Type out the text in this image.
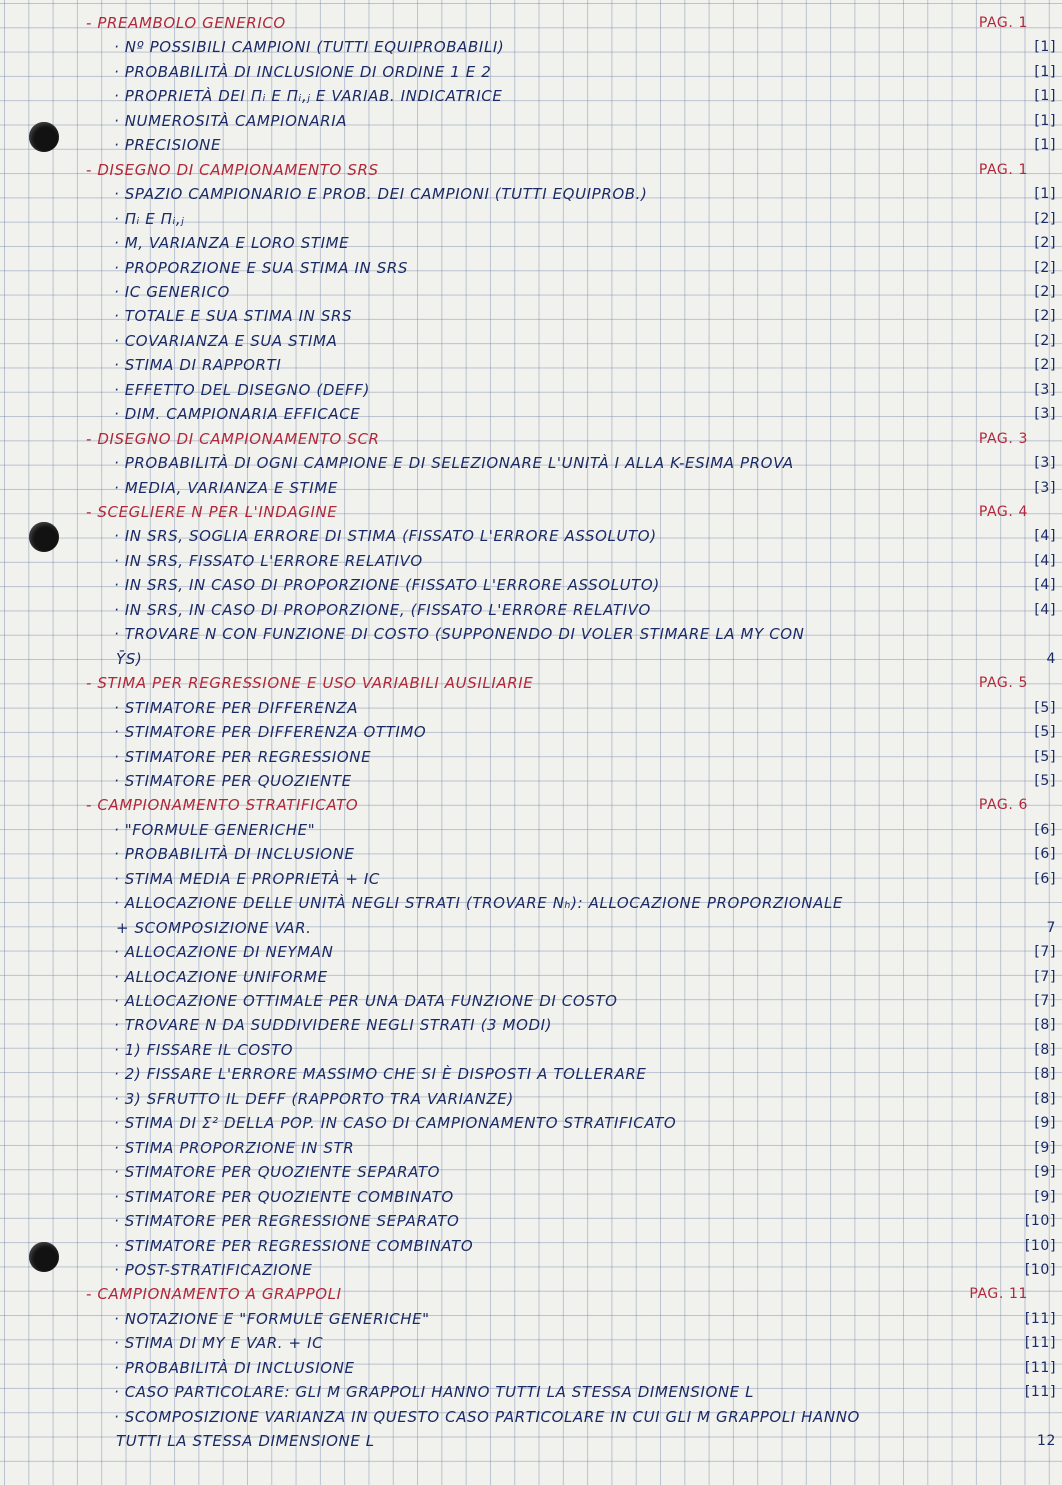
- PREAMBOLO GENERICO	PAG. 1
· Nº POSSIBILI CAMPIONI (TUTTI EQUIPROBABILI)	[ 1 ]
· PROBABILITÀ DI INCLUSIONE DI ORDINE 1 E 2	[ 1 ]
· PROPRIETÀ DEI Πᵢ E Πᵢ,ⱼ E VARIAB. INDICATRICE	[ 1 ]
· NUMEROSITÀ CAMPIONARIA	[ 1 ]
· PRECISIONE	[ 1 ]
- DISEGNO DI CAMPIONAMENTO SRS	PAG. 1
· SPAZIO CAMPIONARIO E PROB. DEI CAMPIONI (TUTTI EQUIPROB.)	[ 1 ]
· Πᵢ E Πᵢ,ⱼ	[ 2 ]
· Μ, VARIANZA E LORO STIME	[ 2 ]
· PROPORZIONE E SUA STIMA IN SRS	[ 2 ]
· IC GENERICO	[ 2 ]
· TOTALE E SUA STIMA IN SRS	[ 2 ]
· COVARIANZA E SUA STIMA	[ 2 ]
· STIMA DI RAPPORTI	[ 2 ]
· EFFETTO DEL DISEGNO (DEFF)	[ 3 ]
· DIM. CAMPIONARIA EFFICACE	[ 3 ]
- DISEGNO DI CAMPIONAMENTO SCR	PAG. 3
· PROBABILITÀ DI OGNI CAMPIONE E DI SELEZIONARE L'UNITÀ I ALLA K-ESIMA PROVA	[ 3 ]
· MEDIA, VARIANZA E STIME	[ 3 ]
- SCEGLIERE N PER L'INDAGINE	PAG. 4
· IN SRS, SOGLIA ERRORE DI STIMA (FISSATO L'ERRORE ASSOLUTO)	[ 4 ]
· IN SRS, FISSATO L'ERRORE RELATIVO	[ 4 ]
· IN SRS, IN CASO DI PROPORZIONE (FISSATO L'ERRORE ASSOLUTO)	[ 4 ]
· IN SRS, IN CASO DI PROPORZIONE, (FISSATO L'ERRORE RELATIVO	[ 4 ]
· TROVARE N CON FUNZIONE DI COSTO (SUPPONENDO DI VOLER STIMARE LA ΜY CON
ȲS)	4
- STIMA PER REGRESSIONE E USO VARIABILI AUSILIARIE	PAG. 5
· STIMATORE PER DIFFERENZA	[ 5 ]
· STIMATORE PER DIFFERENZA OTTIMO	[ 5 ]
· STIMATORE PER REGRESSIONE	[ 5 ]
· STIMATORE PER QUOZIENTE	[ 5 ]
- CAMPIONAMENTO STRATIFICATO	PAG. 6
· "FORMULE GENERICHE"	[ 6 ]
· PROBABILITÀ DI INCLUSIONE	[ 6 ]
· STIMA MEDIA E PROPRIETÀ + IC	[ 6 ]
· ALLOCAZIONE DELLE UNITÀ NEGLI STRATI (TROVARE Nₕ): ALLOCAZIONE PROPORZIONALE
+ SCOMPOSIZIONE VAR.	7
· ALLOCAZIONE DI NEYMAN	[ 7 ]
· ALLOCAZIONE UNIFORME	[ 7 ]
· ALLOCAZIONE OTTIMALE PER UNA DATA FUNZIONE DI COSTO	[ 7 ]
· TROVARE N DA SUDDIVIDERE NEGLI STRATI (3 MODI)	[ 8 ]
· 1) FISSARE IL COSTO	[ 8 ]
· 2) FISSARE L'ERRORE MASSIMO CHE SI È DISPOSTI A TOLLERARE	[ 8 ]
· 3) SFRUTTO IL DEFF (RAPPORTO TRA VARIANZE)	[ 8 ]
· STIMA DI Σ² DELLA POP. IN CASO DI CAMPIONAMENTO STRATIFICATO	[ 9 ]
· STIMA PROPORZIONE IN STR	[ 9 ]
· STIMATORE PER QUOZIENTE SEPARATO	[ 9 ]
· STIMATORE PER QUOZIENTE COMBINATO	[ 9 ]
· STIMATORE PER REGRESSIONE SEPARATO	[ 10 ]
· STIMATORE PER REGRESSIONE COMBINATO	[ 10 ]
· POST-STRATIFICAZIONE	[ 10 ]
- CAMPIONAMENTO A GRAPPOLI	PAG. 11
· NOTAZIONE E "FORMULE GENERICHE"	[ 11 ]
· STIMA DI ΜY E VAR. + IC	[ 11 ]
· PROBABILITÀ DI INCLUSIONE	[ 11 ]
· CASO PARTICOLARE: GLI M GRAPPOLI HANNO TUTTI LA STESSA DIMENSIONE L	[ 11 ]
· SCOMPOSIZIONE VARIANZA IN QUESTO CASO PARTICOLARE IN CUI GLI M GRAPPOLI HANNO
TUTTI LA STESSA DIMENSIONE L	12
